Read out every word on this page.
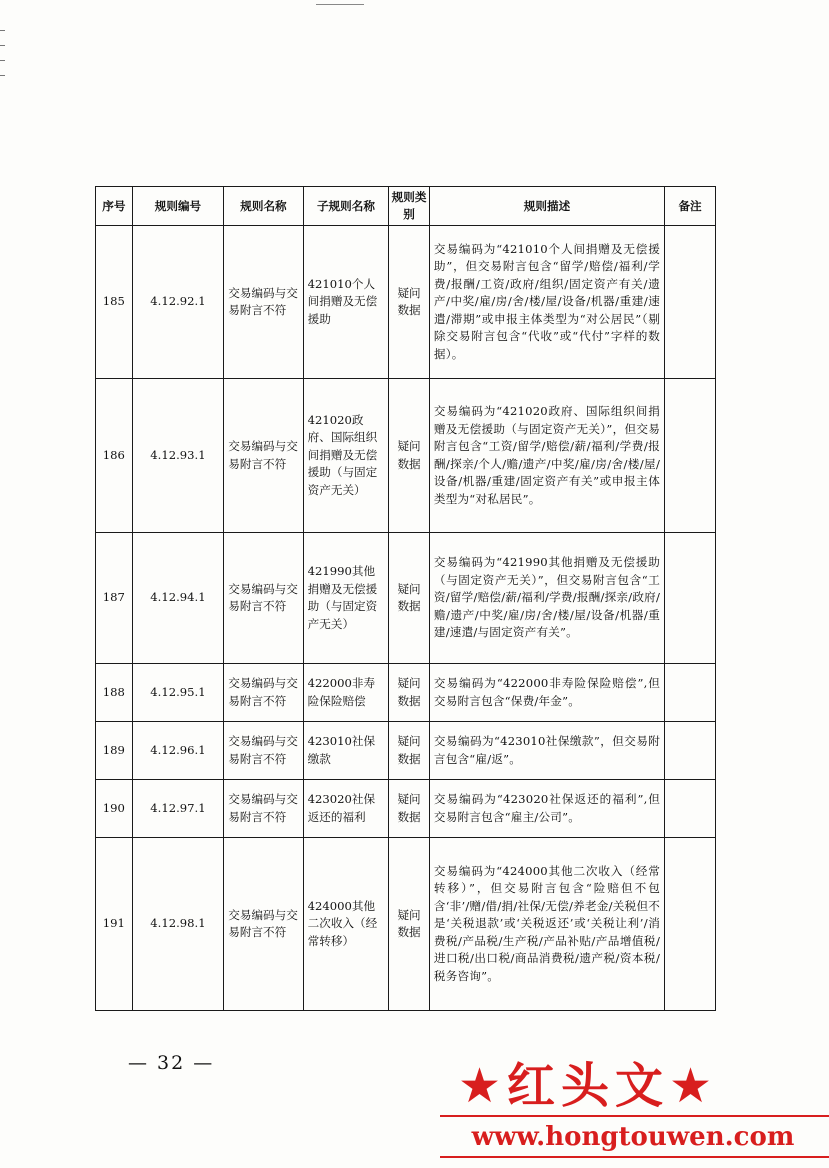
序号	规则编号	规则名称	子规则名称	规则类别	规则描述	备注
185	4.12.92.1	交易编码与交易附言不符	421010个人间捐赠及无偿援助	疑问数据	交易编码为“421010个人间捐赠及无偿援助”，但交易附言包含“留学/赔偿/福利/学费/报酬/工资/政府/组织/固定资产有关/遗产/中奖/雇/房/舍/楼/屋/设备/机器/重建/速遣/滞期”或申报主体类型为“对公居民”（剔除交易附言包含“代收”或“代付”字样的数据）。	
186	4.12.93.1	交易编码与交易附言不符	421020政府、国际组织间捐赠及无偿援助（与固定资产无关）	疑问数据	交易编码为“421020政府、国际组织间捐赠及无偿援助（与固定资产无关）”，但交易附言包含“工资/留学/赔偿/薪/福利/学费/报酬/探亲/个人/赡/遗产/中奖/雇/房/舍/楼/屋/设备/机器/重建/固定资产有关”或申报主体类型为“对私居民”。	
187	4.12.94.1	交易编码与交易附言不符	421990其他捐赠及无偿援助（与固定资产无关）	疑问数据	交易编码为“421990其他捐赠及无偿援助（与固定资产无关）”，但交易附言包含“工资/留学/赔偿/薪/福利/学费/报酬/探亲/政府/赡/遗产/中奖/雇/房/舍/楼/屋/设备/机器/重建/速遣/与固定资产有关”。	
188	4.12.95.1	交易编码与交易附言不符	422000非寿险保险赔偿	疑问数据	交易编码为“422000非寿险保险赔偿”,但交易附言包含“保费/年金”。	
189	4.12.96.1	交易编码与交易附言不符	423010社保缴款	疑问数据	交易编码为“423010社保缴款”，但交易附言包含“雇/返”。	
190	4.12.97.1	交易编码与交易附言不符	423020社保返还的福利	疑问数据	交易编码为“423020社保返还的福利”,但交易附言包含“雇主/公司”。	
191	4.12.98.1	交易编码与交易附言不符	424000其他二次收入（经常转移）	疑问数据	交易编码为“424000其他二次收入（经常转移）”，但交易附言包含“险赔但不包含‘非’/赠/借/捐/社保/无偿/养老金/关税但不是‘关税退款’或‘关税返还’或‘关税让利’/消费税/产品税/生产税/产品补贴/产品增值税/进口税/出口税/商品消费税/遗产税/资本税/税务咨询”。	
— 32 —	★红头文★
www.hongtouwen.com
